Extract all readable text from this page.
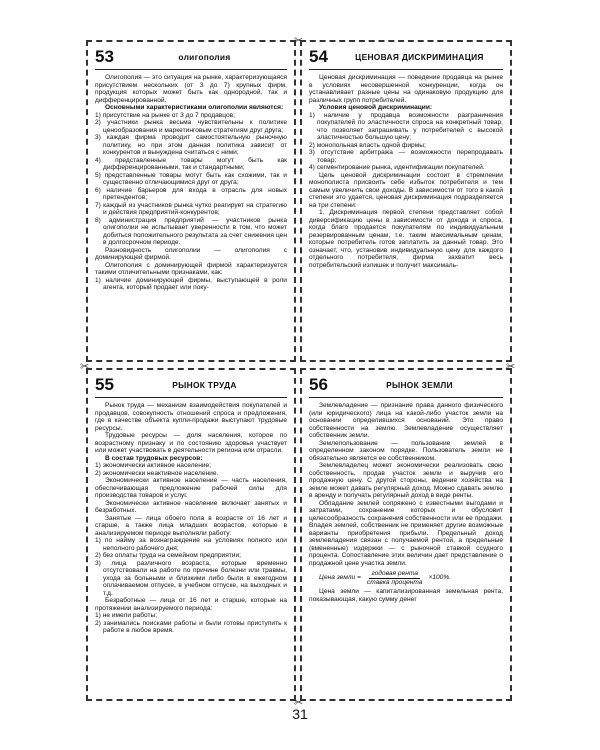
53	олигополия

Олигополия — это ситуация на рынке, характеризующаяся присутствием нескольких (от 3 до 7) крупных фирм, продукция которых может быть как однородной, так и дифференцированной.

Основными характеристиками олигополии являются:

1) присутствие на рынке от 3 до 7 продавцов;

2) участники рынка весьма чувствительны к политике ценообразования и маркетинговым стратегиям друг друга;

3) каждая фирма проводит самостоятельную рыночную политику, но при этом данная политика зависит от конкурентов и вынуждена считаться с ними;

4) представленные товары могут быть как дифференцированными, так и стандартными;

5) представленные товары могут быть как схожими, так и существенно отличающимися друг от друга;

6) наличие барьеров для входа в отрасль для новых претендентов;

7) каждый из участников рынка чутко реагирует на стратегию и действия предприятий-конкурентов;

8) администрация предприятий — участников рынка олигополии не испытывает уверенности в том, что может добиться положительного результата за счет снижения цен в долгосрочном периоде.

Разновидность олигополии — олигополия с доминирующей фирмой.

Олигополия с доминирующей фирмой характеризуется такими отличительными признаками, как:

1) наличие доминирующей фирмы, выступающей в роли агента, который продает или поку-

54	ЦЕНОВАЯ ДИСКРИМИНАЦИЯ

Ценовая дискриминация — поведение продавца на рынке в условиях несовершенной конкуренции, когда он устанавливает разные цены на одинаковую продукцию для различных групп потребителей.

Условия ценовой дискриминации:

1) наличие у продавца возможности разграничения покупателей по эластичности спроса на конкретный товар, что позволяет запрашивать у потребителей с высокой эластичностью большую цену;

2) монопольная власть одной фирмы;

3) отсутствие арбитража — возможности перепродавать товар;

4) сегментирование рынка, идентификации покупателей.

Цель ценовой дискриминации состоит в стремлении монополиста присвоить себе избыток потребителя и тем самым увеличить свои доходы. В зависимости от того в какой степени это удается, ценовая дискриминация подразделяется на три степени:

1. Дискриминация первой степени представляет собой диверсификацию цены в зависимости от дохода и спроса, когда благо продается покупателям по индивидуальным резервированным ценам, т.е. таким максимальным ценам, которые потребитель готов заплатить за данный товар. Это означает, что, установив индивидуальную цену для каждого отдельного потребителя, фирма захватит весь потребительский излишек и получит максималь-

55	РЫНОК ТРУДА

Рынок труда — механизм взаимодействия покупателей и продавцов, совокупность отношений спроса и предложения, где в качестве объекта купли-продажи выступают трудовые ресурсы.

Трудовые ресурсы — доля населения, которое по возрастному признаку и по состоянию здоровья участвует или может участвовать в деятельности региона или отрасли.

В состав трудовых ресурсов:

1) экономически активное население;

2) экономически неактивное население.

Экономически активное население — часть населения, обеспечивающая предложение рабочей силы для производства товаров и услуг.

Экономически активное население включает занятых и безработных.

Занятые — лица обоего пола в возрасте от 16 лет и старше, а также лица младших возрастов, которые в анализируемом периоде выполняли работу:

1) по найму за вознаграждение на условиях полного или неполного рабочего дня;

2) без оплаты труда на семейном предприятии;

3) лица различного возраста, которые временно отсутствовали на работе по причине болезни или травмы, ухода за больными и близкими либо были в ежегодном оплачиваемом отпуске, в учебном отпуске, на выходных и т.д.

Безработные — лица от 16 лет и старше, которые на протяжении анализируемого периода:

1) не имели работы;

2) занимались поисками работы и были готовы приступить к работе в любое время.

56	РЫНОК ЗЕМЛИ

Землевладение — признание права данного физического (или юридического) лица на какой-либо участок земли на основании определившихся оснований. Это право собственности на землю. Землевладение осуществляет собственник земли.

Землепользование — пользование землей в определенном законом порядке. Пользователь земли не обязательно является ее собственником.

Землевладелец может экономически реализовать свою собственность, продав участок земли и выручив его продажную цену. С другой стороны, ведение хозяйства на земле может давать регулярный доход. Можно сдавать землю в аренду и получать регулярный доход в виде ренты.

Обладание землей сопряжено с известными выгодами и затратами, сохранение которых и обусловит целесообразность сохранения собственности или ее продажи. Владея землей, собственник не применяет другие возможные варианты приобретения прибыли. Предельный доход землевладения связан с получаемой рентой, а предельные (вмененные) издержки — с рыночной ставкой ссудного процента. Сопоставление этих величин дает представление о продажной цене участка земли.

Цена земли = $\frac{\text{годовая рента}}{\text{ставка процента}} \times 100\%$.

Цена земли — капитализированная земельная рента, показывающая, какую сумму денег

✂
✂
✂
✂
31
